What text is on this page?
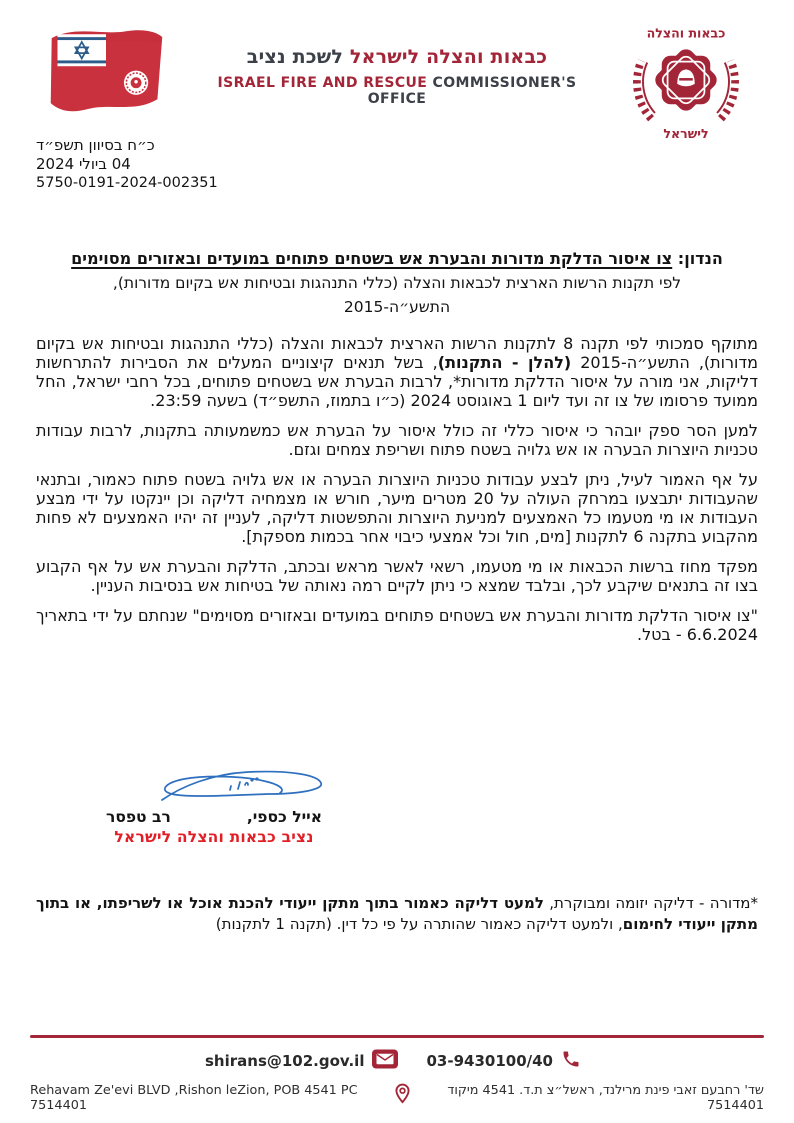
כבאות והצלה לישראל לשכת נציב
ISRAEL FIRE AND RESCUE COMMISSIONER'S OFFICE
כבאות והצלה
לישראל
כ״ח בסיוון תשפ״ד
04 ביולי 2024
5750-0191-2024-002351
הנדון: צו איסור הדלקת מדורות והבערת אש בשטחים פתוחים במועדים ובאזורים מסוימים
לפי תקנות הרשות הארצית לכבאות והצלה (כללי התנהגות ובטיחות אש בקיום מדורות),
התשע״ה-2015

מתוקף סמכותי לפי תקנה 8 לתקנות הרשות הארצית לכבאות והצלה (כללי התנהגות ובטיחות אש בקיום מדורות), התשע״ה-2015 (להלן - התקנות), בשל תנאים קיצוניים המעלים את הסבירות להתרחשות דליקות, אני מורה על איסור הדלקת מדורות*, לרבות הבערת אש בשטחים פתוחים, בכל רחבי ישראל, החל ממועד פרסומו של צו זה ועד ליום 1 באוגוסט 2024 (כ״ו בתמוז, התשפ״ד) בשעה 23:59.

למען הסר ספק יובהר כי איסור כללי זה כולל איסור על הבערת אש כמשמעותה בתקנות, לרבות עבודות טכניות היוצרות הבערה או אש גלויה בשטח פתוח ושריפת צמחים וגזם.

על אף האמור לעיל, ניתן לבצע עבודות טכניות היוצרות הבערה או אש גלויה בשטח פתוח כאמור, ובתנאי שהעבודות יתבצעו במרחק העולה על 20 מטרים מיער, חורש או מצמחיה דליקה וכן יינקטו על ידי מבצע העבודות או מי מטעמו כל האמצעים למניעת היוצרות והתפשטות דליקה, לעניין זה יהיו האמצעים לא פחות מהקבוע בתקנה 6 לתקנות [מים, חול וכל אמצעי כיבוי אחר בכמות מספקת].

מפקד מחוז ברשות הכבאות או מי מטעמו, רשאי לאשר מראש ובכתב, הדלקת והבערת אש על אף הקבוע בצו זה בתנאים שיקבע לכך, ובלבד שמצא כי ניתן לקיים רמה נאותה של בטיחות אש בנסיבות העניין.

"צו איסור הדלקת מדורות והבערת אש בשטחים פתוחים במועדים ובאזורים מסוימים" שנחתם על ידי בתאריך 6.6.2024 - בטל.

אייל כספי,
רב טפסר
נציב כבאות והצלה לישראל
*מדורה - דליקה יזומה ומבוקרת, למעט דליקה כאמור בתוך מתקן ייעודי להכנת אוכל או לשריפתו, או בתוך מתקן ייעודי לחימום, ולמעט דליקה כאמור שהותרה על פי כל דין. (תקנה 1 לתקנות)
shirans@102.gov.il	03-9430100/40
Rehavam Ze'evi BLVD ,Rishon leZion, POB 4541 PC 7514401
שד' רחבעם זאבי פינת מרילנד, ראשל״צ ת.ד. 4541 מיקוד 7514401
